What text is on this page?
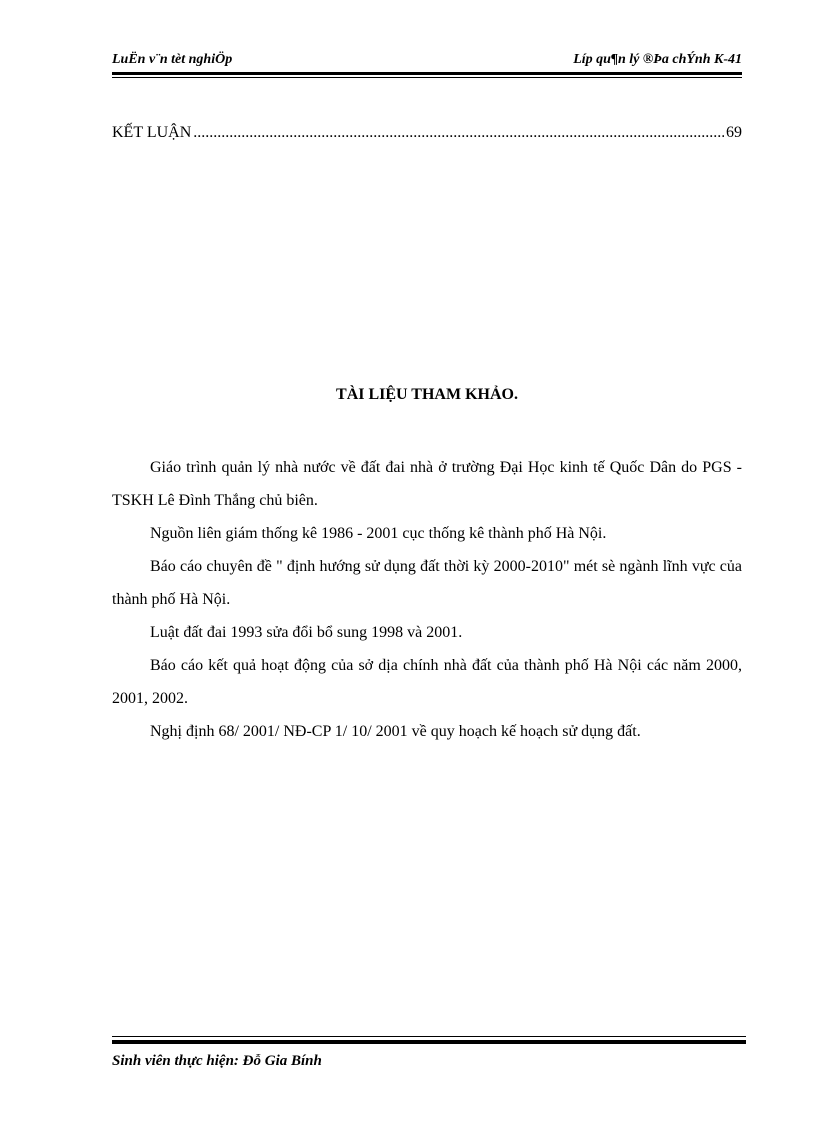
LuËn v¨n tèt nghiÖp	Líp qu¶n lý ®Þa chÝnh K-41
KẾT LUẬN
.....	69
TÀI LIỆU THAM KHẢO.

Giáo trình quản lý nhà nước về đất đai nhà ở trường Đại Học kinh tế Quốc Dân do PGS - TSKH Lê Đình Thắng chủ biên.

Nguồn liên giám thống kê 1986 - 2001 cục thống kê thành phố Hà Nội.

Báo cáo chuyên đề " định hướng sử dụng đất thời kỳ 2000-2010" mét sè ngành lĩnh vực của thành phố Hà Nội.

Luật đất đai 1993 sửa đổi bổ sung 1998 và 2001.

Báo cáo kết quả hoạt động của sở dịa chính nhà đất của thành phố Hà Nội các năm 2000, 2001, 2002.

Nghị định 68/ 2001/ NĐ-CP 1/ 10/ 2001 về quy hoạch kế hoạch sử dụng đất.

Sinh viên thực hiện: Đỗ Gia Bính
